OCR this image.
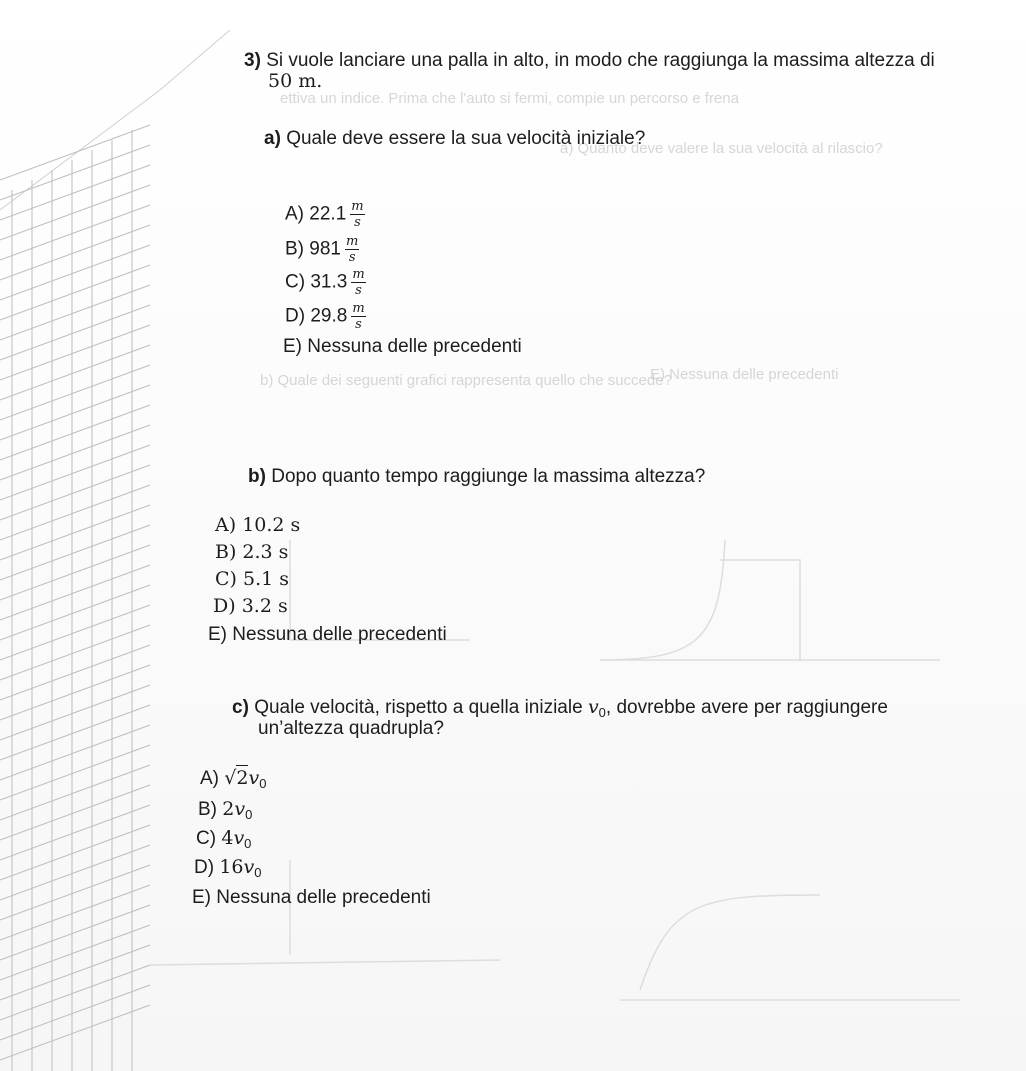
ettiva un indice. Prima che l'auto si fermi, compie un percorso e frena
a) Quanto deve valere la sua velocità al rilascio?
b) Quale dei seguenti grafici rappresenta quello che succede?
E) Nessuna delle precedenti
3) Si vuole lanciare una palla in alto, in modo che raggiunga la massima altezza di
50 m.
a) Quale deve essere la sua velocità iniziale?
A) $22.1 \frac{m}{s}$
B) $981 \frac{m}{s}$
C) $31.3 \frac{m}{s}$
D) $29.8 \frac{m}{s}$
E) Nessuna delle precedenti
b) Dopo quanto tempo raggiunge la massima altezza?
A) 10.2 s
B) 2.3 s
C) 5.1 s
D) 3.2 s
E) Nessuna delle precedenti
c) Quale velocità, rispetto a quella iniziale $v_0$, dovrebbe avere per raggiungere
un’altezza quadrupla?
A) $√2v_0$
B) $2v_0$
C) $4v_0$
D) $16v_0$
E) Nessuna delle precedenti
